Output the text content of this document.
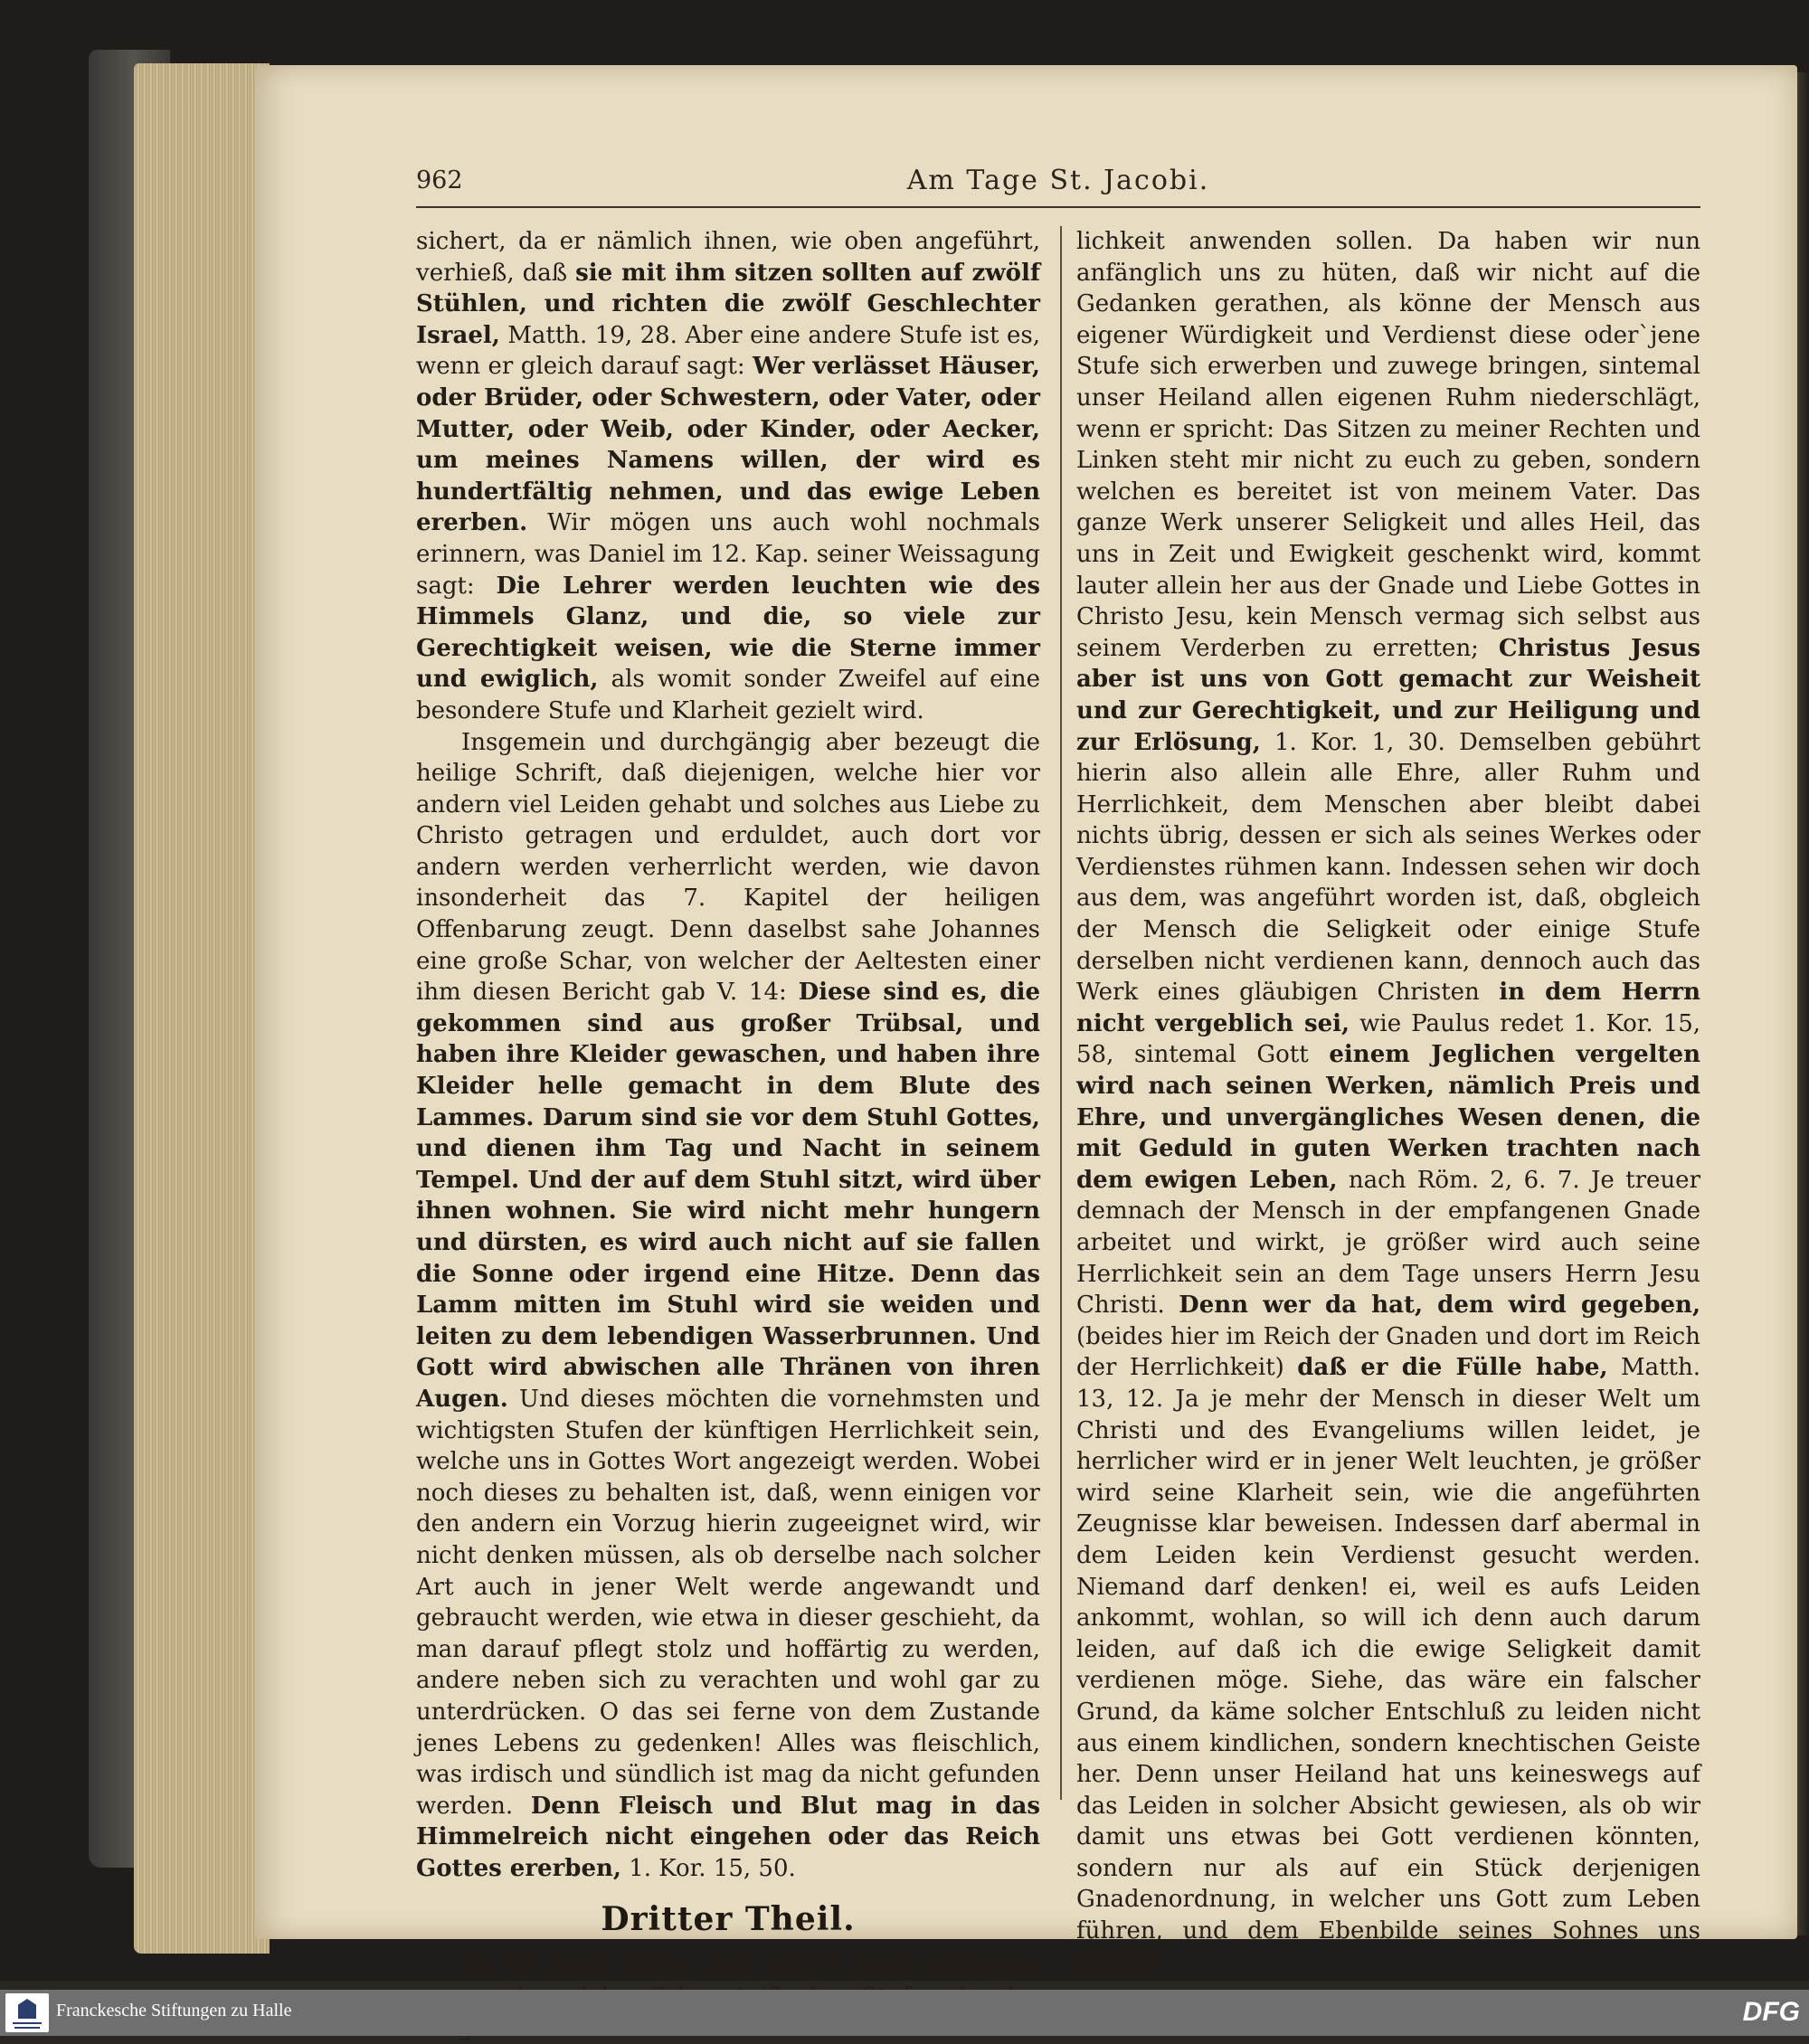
962	Am Tage St. Jacobi.

sichert, da er nämlich ihnen, wie oben angeführt, verhieß, daß sie mit ihm sitzen sollten auf zwölf Stühlen, und richten die zwölf Geschlechter Israel, Matth. 19, 28. Aber eine andere Stufe ist es, wenn er gleich darauf sagt: Wer verlässet Häuser, oder Brüder, oder Schwestern, oder Vater, oder Mutter, oder Weib, oder Kinder, oder Aecker, um meines Namens willen, der wird es hundertfältig nehmen, und das ewige Leben ererben. Wir mögen uns auch wohl nochmals erinnern, was Daniel im 12. Kap. seiner Weissagung sagt: Die Lehrer werden leuchten wie des Himmels Glanz, und die, so viele zur Gerechtigkeit weisen, wie die Sterne immer und ewiglich, als womit sonder Zweifel auf eine besondere Stufe und Klarheit gezielt wird.

Insgemein und durchgängig aber bezeugt die heilige Schrift, daß diejenigen, welche hier vor andern viel Leiden gehabt und solches aus Liebe zu Christo getragen und erduldet, auch dort vor andern werden verherrlicht werden, wie davon insonderheit das 7. Kapitel der heiligen Offenbarung zeugt. Denn daselbst sahe Johannes eine große Schar, von welcher der Aeltesten einer ihm diesen Bericht gab V. 14: Diese sind es, die gekommen sind aus großer Trübsal, und haben ihre Kleider gewaschen, und haben ihre Kleider helle gemacht in dem Blute des Lammes. Darum sind sie vor dem Stuhl Gottes, und dienen ihm Tag und Nacht in seinem Tempel. Und der auf dem Stuhl sitzt, wird über ihnen wohnen. Sie wird nicht mehr hungern und dürsten, es wird auch nicht auf sie fallen die Sonne oder irgend eine Hitze. Denn das Lamm mitten im Stuhl wird sie weiden und leiten zu dem lebendigen Wasserbrunnen. Und Gott wird abwischen alle Thränen von ihren Augen. Und dieses möchten die vornehmsten und wichtigsten Stufen der künftigen Herrlichkeit sein, welche uns in Gottes Wort angezeigt werden. Wobei noch dieses zu behalten ist, daß, wenn einigen vor den andern ein Vorzug hierin zugeeignet wird, wir nicht denken müssen, als ob derselbe nach solcher Art auch in jener Welt werde angewandt und gebraucht werden, wie etwa in dieser geschieht, da man darauf pflegt stolz und hoffärtig zu werden, andere neben sich zu verachten und wohl gar zu unterdrücken. O das sei ferne von dem Zustande jenes Lebens zu gedenken! Alles was fleischlich, was irdisch und sündlich ist mag da nicht gefunden werden. Denn Fleisch und Blut mag in das Himmelreich nicht eingehen oder das Reich Gottes ererben, 1. Kor. 15, 50.

Dritter Theil.

Es ist noch übrig, daß wir 3. auch erwägen,

lichkeit anwenden sollen. Da haben wir nun anfänglich uns zu hüten, daß wir nicht auf die Gedanken gerathen, als könne der Mensch aus eigener Würdigkeit und Verdienst diese oder`jene Stufe sich erwerben und zuwege bringen, sintemal unser Heiland allen eigenen Ruhm niederschlägt, wenn er spricht: Das Sitzen zu meiner Rechten und Linken steht mir nicht zu euch zu geben, sondern welchen es bereitet ist von meinem Vater. Das ganze Werk unserer Seligkeit und alles Heil, das uns in Zeit und Ewigkeit geschenkt wird, kommt lauter allein her aus der Gnade und Liebe Gottes in Christo Jesu, kein Mensch vermag sich selbst aus seinem Verderben zu erretten; Christus Jesus aber ist uns von Gott gemacht zur Weisheit und zur Gerechtigkeit, und zur Heiligung und zur Erlösung, 1. Kor. 1, 30. Demselben gebührt hierin also allein alle Ehre, aller Ruhm und Herrlichkeit, dem Menschen aber bleibt dabei nichts übrig, dessen er sich als seines Werkes oder Verdienstes rühmen kann. Indessen sehen wir doch aus dem, was angeführt worden ist, daß, obgleich der Mensch die Seligkeit oder einige Stufe derselben nicht verdienen kann, dennoch auch das Werk eines gläubigen Christen in dem Herrn nicht vergeblich sei, wie Paulus redet 1. Kor. 15, 58, sintemal Gott einem Jeglichen vergelten wird nach seinen Werken, nämlich Preis und Ehre, und unvergängliches Wesen denen, die mit Geduld in guten Werken trachten nach dem ewigen Leben, nach Röm. 2, 6. 7. Je treuer demnach der Mensch in der empfangenen Gnade arbeitet und wirkt, je größer wird auch seine Herrlichkeit sein an dem Tage unsers Herrn Jesu Christi. Denn wer da hat, dem wird gegeben, (beides hier im Reich der Gnaden und dort im Reich der Herrlichkeit) daß er die Fülle habe, Matth. 13, 12. Ja je mehr der Mensch in dieser Welt um Christi und des Evangeliums willen leidet, je herrlicher wird er in jener Welt leuchten, je größer wird seine Klarheit sein, wie die angeführten Zeugnisse klar beweisen. Indessen darf abermal in dem Leiden kein Verdienst gesucht werden. Niemand darf denken! ei, weil es aufs Leiden ankommt, wohlan, so will ich denn auch darum leiden, auf daß ich die ewige Seligkeit damit verdienen möge. Siehe, das wäre ein falscher Grund, da käme solcher Entschluß zu leiden nicht aus einem kindlichen, sondern knechtischen Geiste her. Denn unser Heiland hat uns keineswegs auf das Leiden in solcher Absicht gewiesen, als ob wir damit uns etwas bei Gott verdienen könnten, sondern nur als auf ein Stück derjenigen Gnadenordnung, in welcher uns Gott zum Leben führen, und dem Ebenbilde seines Sohnes uns gleich-

Franckesche Stiftungen zu Halle	DFG
